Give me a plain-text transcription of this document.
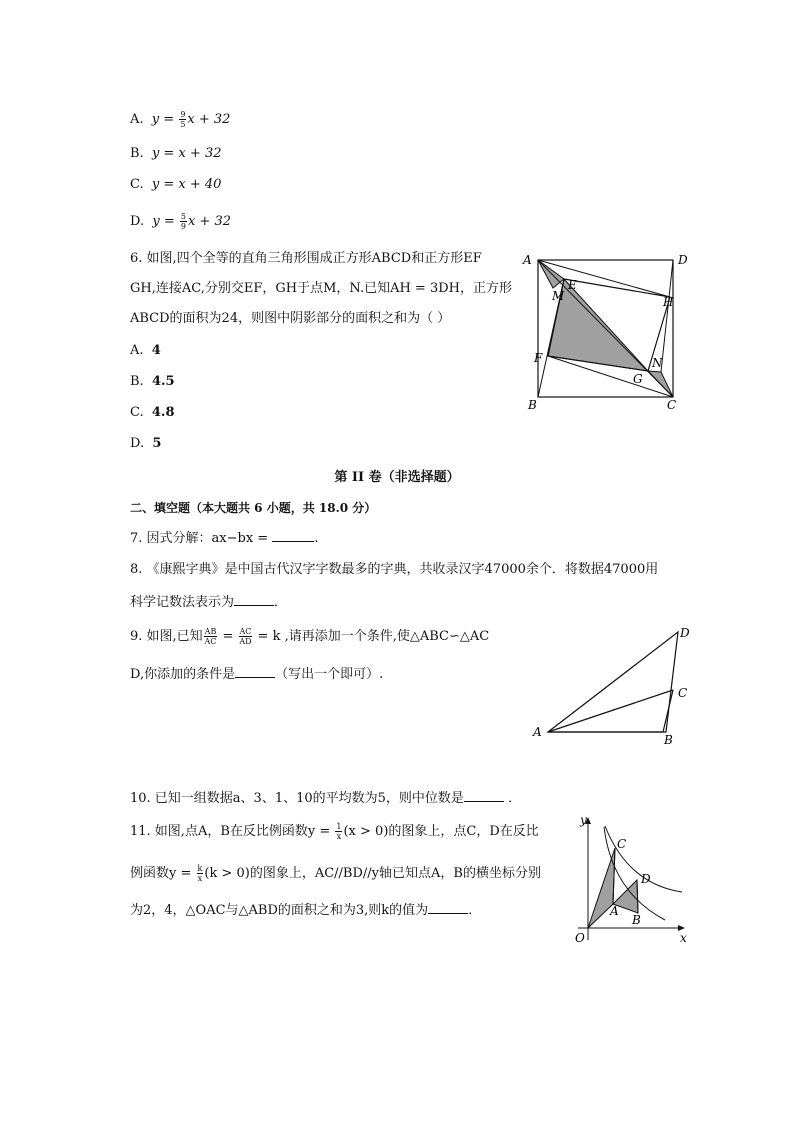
A. $y = \frac{9}{5}$ x + 32
B. y = x + 32
C. y = x + 40
D. $y = \frac{5}{9}$ x + 32
6. 如图,四个全等的直角三角形围成正方形ABCD和正方形EF
GH,连接AC,分别交EF，GH于点M，N.已知AH = 3DH，正方形
ABCD的面积为24，则图中阴影部分的面积之和为（ ）
A. 4
B. 4.5
C. 4.8
D. 5
A	D
B	C
E
M
F
H
N
G
第 II 卷（非选择题）
二、填空题（本大题共 6 小题，共 18.0 分）
7. 因式分解：ax−bx =	.
8. 《康熙字典》是中国古代汉字字数最多的字典，共收录汉字47000余个．将数据47000用
科学记数法表示为	．
9. 如图,已知 $\frac{AB}{AC} = \frac{AC}{AD} = k$ ,请再添加一个条件,使△ABC∽△AC
D,你添加的条件是	（写出一个即可）.
A
B
C
D
10. 已知一组数据a、3、1、10的平均数为5，则中位数是	．
11. 如图,点A，B在反比例函数$y = \frac{1}{x} (x > 0)$的图象上，点C，D在反比
例函数$y = \frac{k}{x} (k > 0)$的图象上，AC//BD//y轴已知点A，B的横坐标分别
为2，4，△OAC与△ABD的面积之和为3,则k的值为	．
y
x
O
A
B
C
D
